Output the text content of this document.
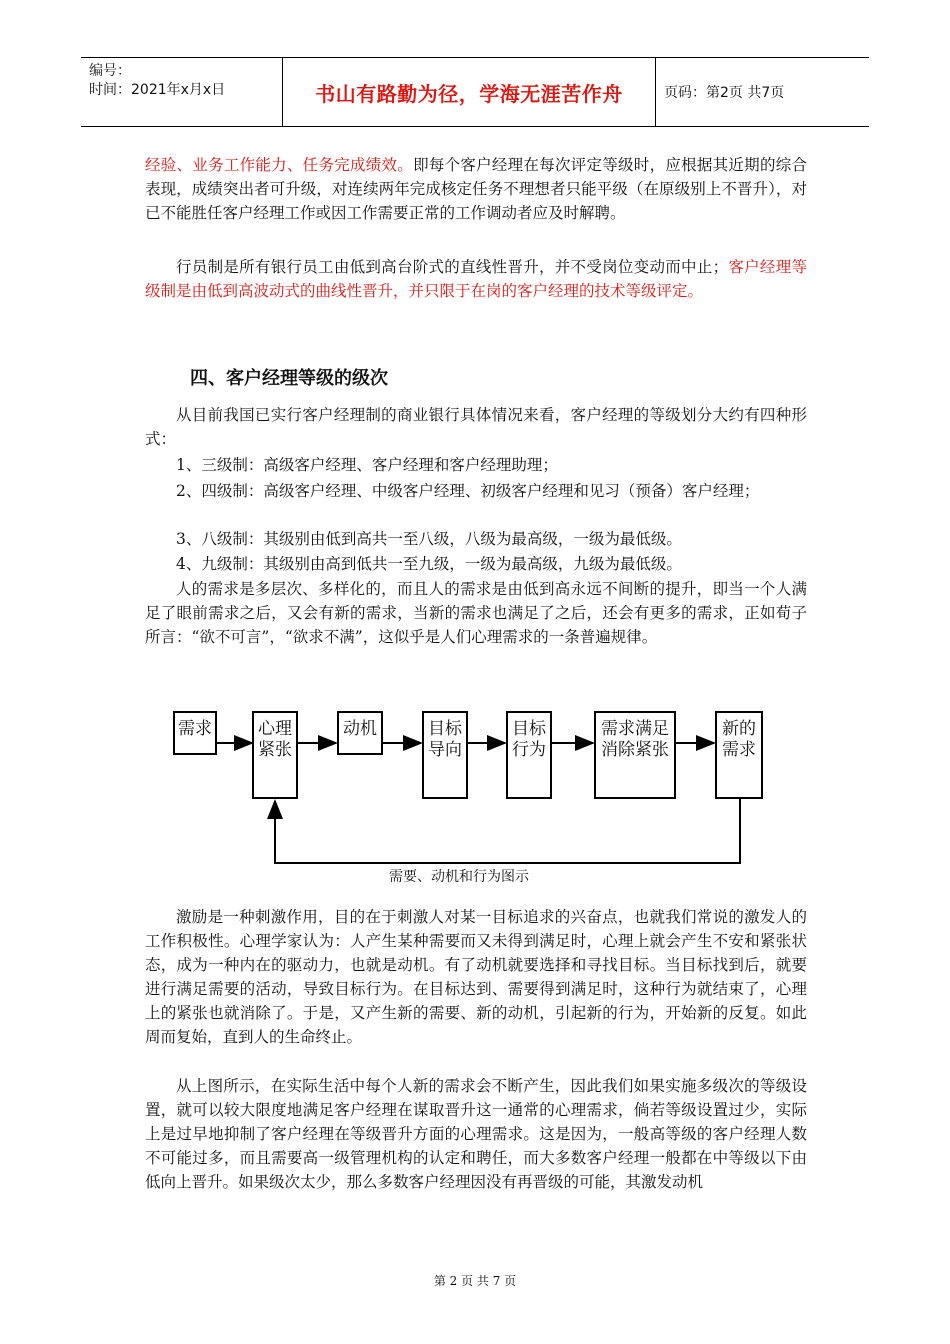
编号：
时间：2021年x月x日	书山有路勤为径，学海无涯苦作舟	页码：第2页 共7页
经验、业务工作能力、任务完成绩效。即每个客户经理在每次评定等级时，应根据其近期的综合表现，成绩突出者可升级，对连续两年完成核定任务不理想者只能平级（在原级别上不晋升），对已不能胜任客户经理工作或因工作需要正常的工作调动者应及时解聘。
行员制是所有银行员工由低到高台阶式的直线性晋升，并不受岗位变动而中止；客户经理等级制是由低到高波动式的曲线性晋升，并只限于在岗的客户经理的技术等级评定。
四、客户经理等级的级次
从目前我国已实行客户经理制的商业银行具体情况来看，客户经理的等级划分大约有四种形式：
1、三级制：高级客户经理、客户经理和客户经理助理；
2、四级制：高级客户经理、中级客户经理、初级客户经理和见习（预备）客户经理；
3、八级制：其级别由低到高共一至八级，八级为最高级，一级为最低级。
4、九级制：其级别由高到低共一至九级，一级为最高级，九级为最低级。
人的需求是多层次、多样化的，而且人的需求是由低到高永远不间断的提升，即当一个人满足了眼前需求之后，又会有新的需求，当新的需求也满足了之后，还会有更多的需求，正如荀子所言：“欲不可言”，“欲求不满”，这似乎是人们心理需求的一条普遍规律。
需求	心理
紧张
动机	目标
导向
目标
行为
需求满足
消除紧张
新的
需求
需要、动机和行为图示
激励是一种刺激作用，目的在于刺激人对某一目标追求的兴奋点，也就我们常说的激发人的工作积极性。心理学家认为：人产生某种需要而又未得到满足时，心理上就会产生不安和紧张状态，成为一种内在的驱动力，也就是动机。有了动机就要选择和寻找目标。当目标找到后，就要进行满足需要的活动，导致目标行为。在目标达到、需要得到满足时，这种行为就结束了，心理上的紧张也就消除了。于是，又产生新的需要、新的动机，引起新的行为，开始新的反复。如此周而复始，直到人的生命终止。
从上图所示，在实际生活中每个人新的需求会不断产生，因此我们如果实施多级次的等级设置，就可以较大限度地满足客户经理在谋取晋升这一通常的心理需求，倘若等级设置过少，实际上是过早地抑制了客户经理在等级晋升方面的心理需求。这是因为，一般高等级的客户经理人数不可能过多，而且需要高一级管理机构的认定和聘任，而大多数客户经理一般都在中等级以下由低向上晋升。如果级次太少，那么多数客户经理因没有再晋级的可能，其激发动机
第 2 页 共 7 页
